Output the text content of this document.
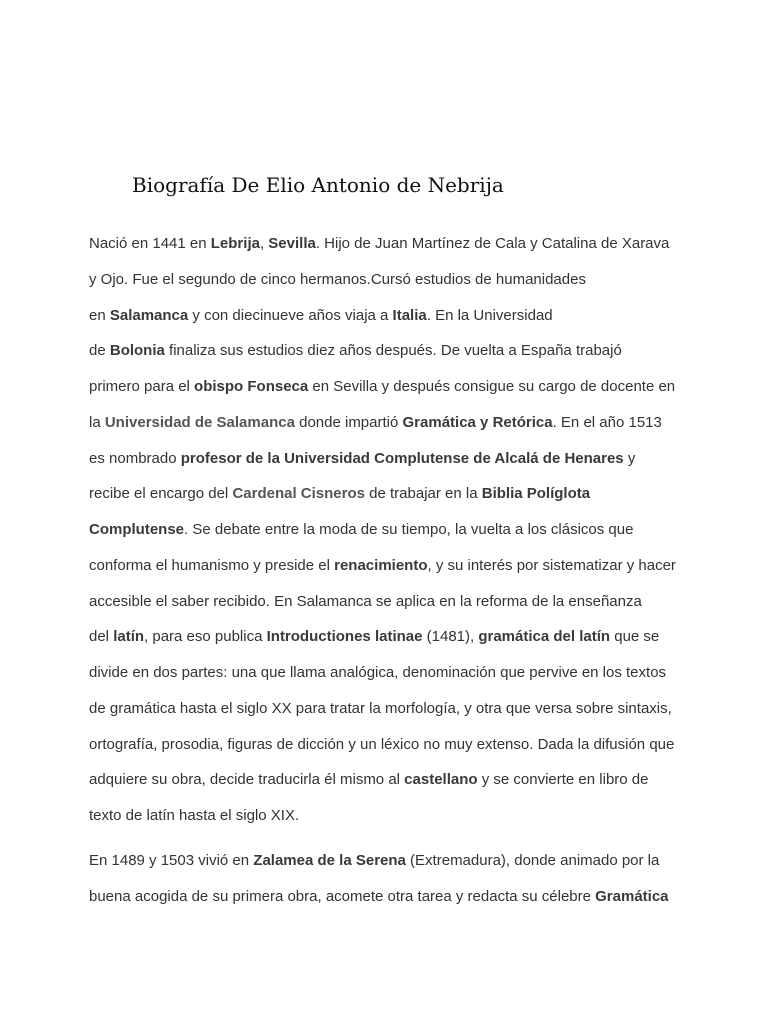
Biografía De Elio Antonio de Nebrija

Nació en 1441 en Lebrija, Sevilla. Hijo de Juan Martínez de Cala y Catalina de Xarava
y Ojo. Fue el segundo de cinco hermanos.Cursó estudios de humanidades
en Salamanca y con diecinueve años viaja a Italia. En la Universidad
de Bolonia finaliza sus estudios diez años después. De vuelta a España trabajó
primero para el obispo Fonseca en Sevilla y después consigue su cargo de docente en
la Universidad de Salamanca donde impartió Gramática y Retórica. En el año 1513
es nombrado profesor de la Universidad Complutense de Alcalá de Henares y
recibe el encargo del Cardenal Cisneros de trabajar en la Biblia Políglota
Complutense. Se debate entre la moda de su tiempo, la vuelta a los clásicos que
conforma el humanismo y preside el renacimiento, y su interés por sistematizar y hacer
accesible el saber recibido. En Salamanca se aplica en la reforma de la enseñanza
del latín, para eso publica Introductiones latinae (1481), gramática del latín que se
divide en dos partes: una que llama analógica, denominación que pervive en los textos
de gramática hasta el siglo XX para tratar la morfología, y otra que versa sobre sintaxis,
ortografía, prosodia, figuras de dicción y un léxico no muy extenso. Dada la difusión que
adquiere su obra, decide traducirla él mismo al castellano y se convierte en libro de
texto de latín hasta el siglo XIX.

En 1489 y 1503 vivió en Zalamea de la Serena (Extremadura), donde animado por la
buena acogida de su primera obra, acomete otra tarea y redacta su célebre Gramática
